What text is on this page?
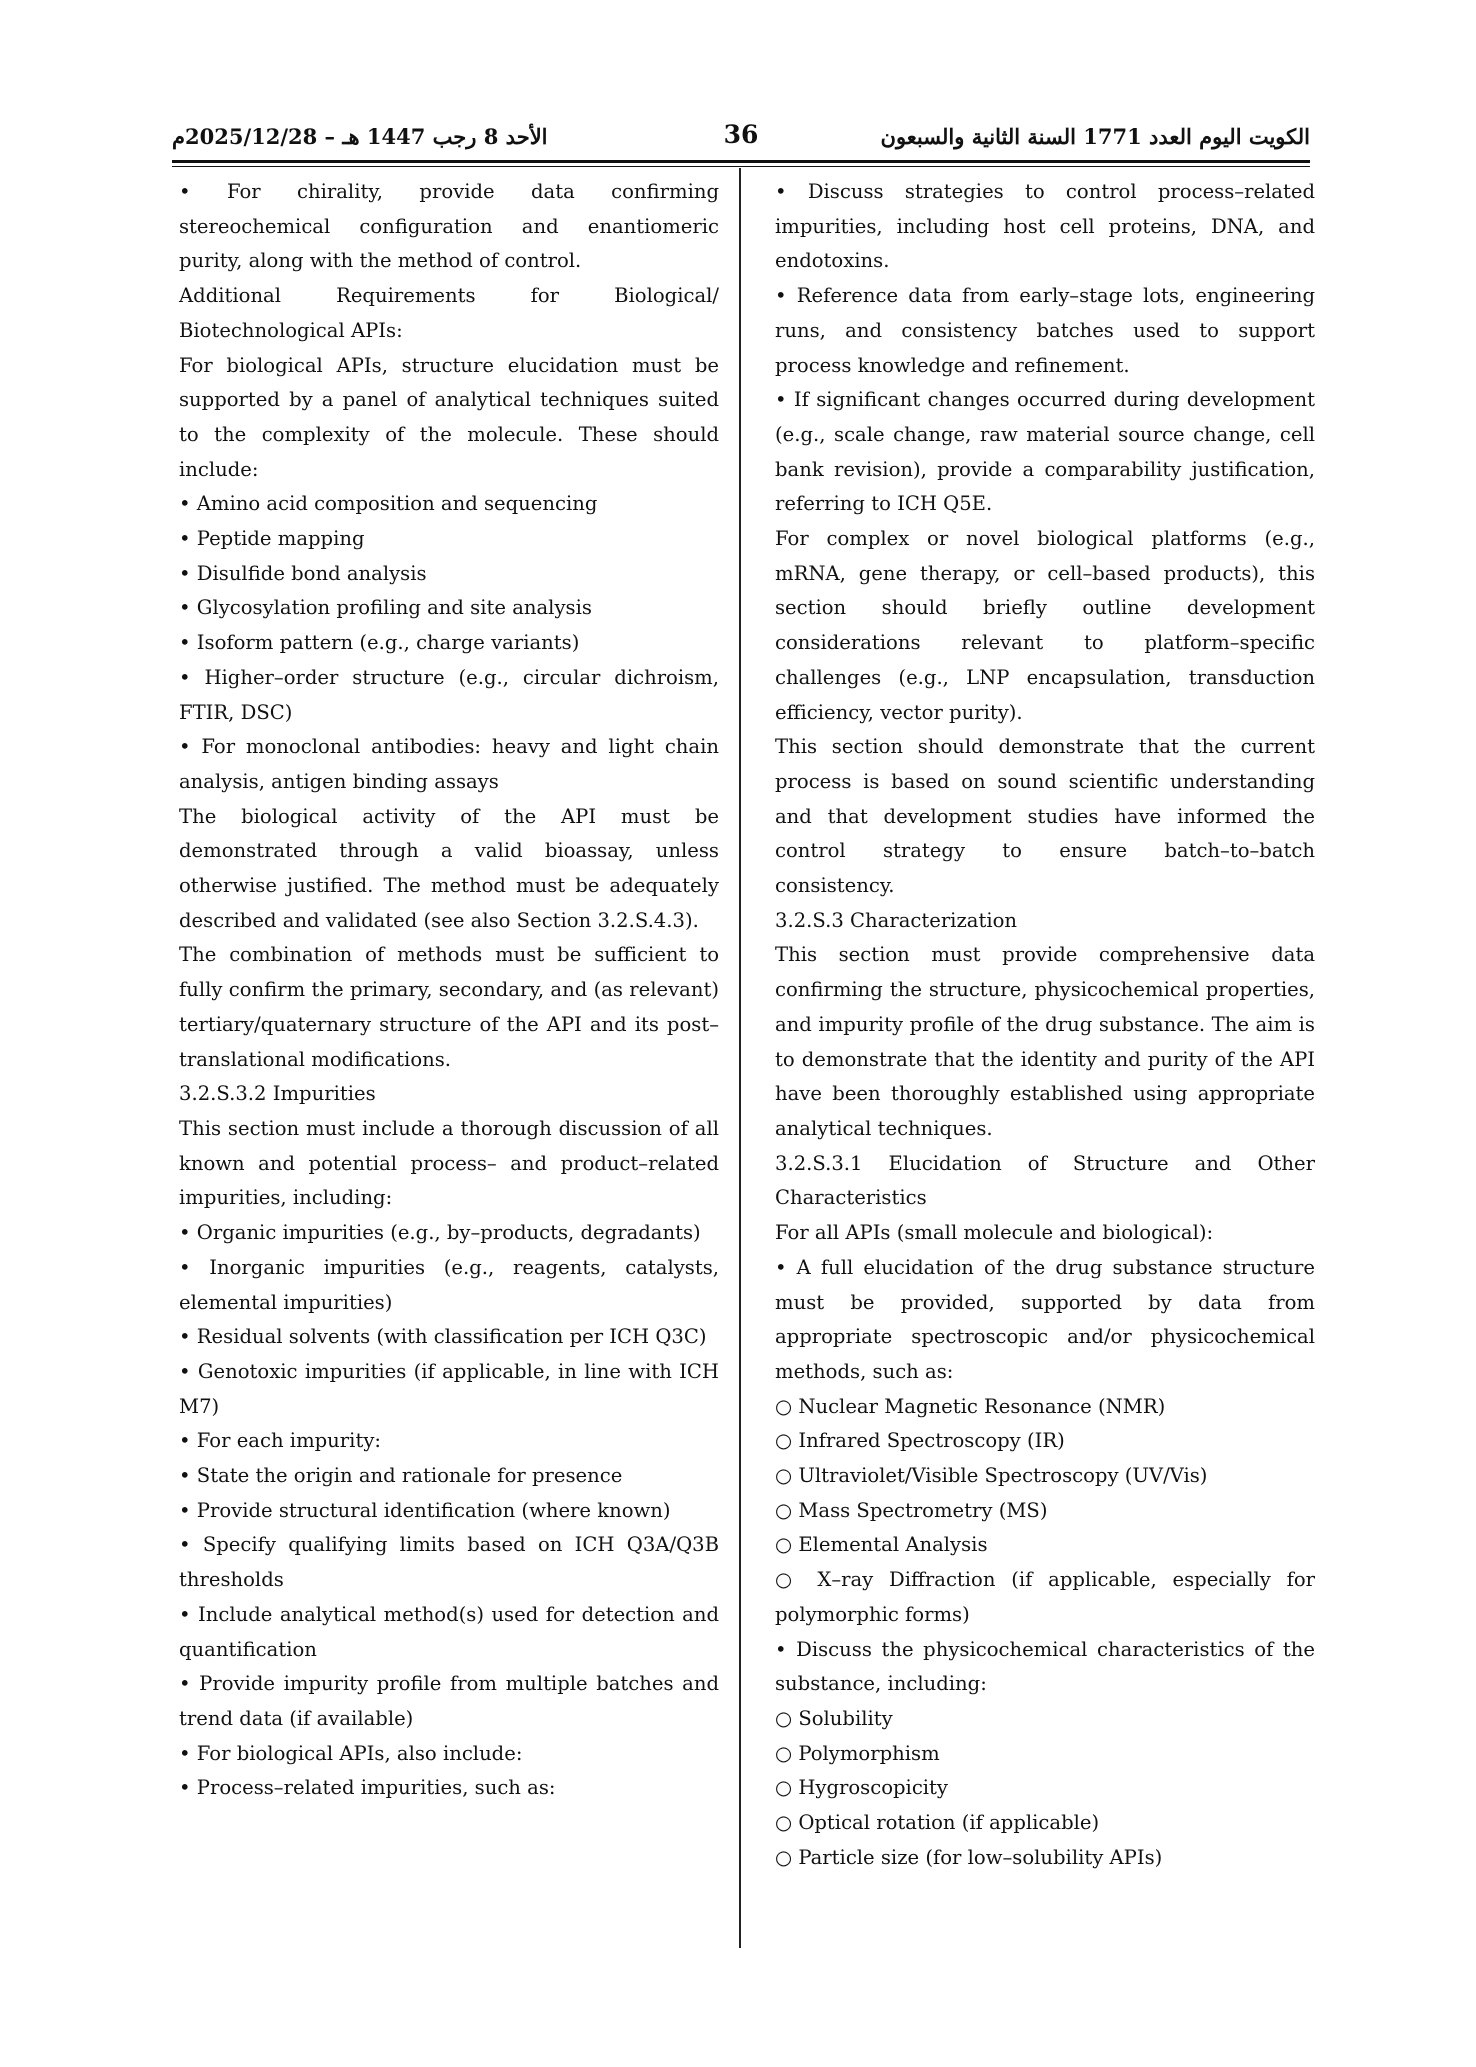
الكويت اليوم العدد 1771 السنة الثانية والسبعون
36
الأحد 8 رجب 1447 هـ – 2025/12/28م

• For chirality, provide data confirming stereochemical configuration and enantiomeric purity, along with the method of control.

Additional Requirements for Biological/ Biotechnological APIs:

For biological APIs, structure elucidation must be supported by a panel of analytical techniques suited to the complexity of the molecule. These should include:

• Amino acid composition and sequencing

• Peptide mapping

• Disulfide bond analysis

• Glycosylation profiling and site analysis

• Isoform pattern (e.g., charge variants)

• Higher–order structure (e.g., circular dichroism, FTIR, DSC)

• For monoclonal antibodies: heavy and light chain analysis, antigen binding assays

The biological activity of the API must be demonstrated through a valid bioassay, unless otherwise justified. The method must be adequately described and validated (see also Section 3.2.S.4.3).

The combination of methods must be sufficient to fully confirm the primary, secondary, and (as relevant) tertiary/quaternary structure of the API and its post–translational modifications.

3.2.S.3.2 Impurities

This section must include a thorough discussion of all known and potential process– and product–related impurities, including:

• Organic impurities (e.g., by–products, degradants)

• Inorganic impurities (e.g., reagents, catalysts, elemental impurities)

• Residual solvents (with classification per ICH Q3C)

• Genotoxic impurities (if applicable, in line with ICH M7)

• For each impurity:

• State the origin and rationale for presence

• Provide structural identification (where known)

• Specify qualifying limits based on ICH Q3A/Q3B thresholds

• Include analytical method(s) used for detection and quantification

• Provide impurity profile from multiple batches and trend data (if available)

• For biological APIs, also include:

• Process–related impurities, such as:

• Discuss strategies to control process–related impurities, including host cell proteins, DNA, and endotoxins.

• Reference data from early–stage lots, engineering runs, and consistency batches used to support process knowledge and refinement.

• If significant changes occurred during development (e.g., scale change, raw material source change, cell bank revision), provide a comparability justification, referring to ICH Q5E.

For complex or novel biological platforms (e.g., mRNA, gene therapy, or cell–based products), this section should briefly outline development considerations relevant to platform–specific challenges (e.g., LNP encapsulation, transduction efficiency, vector purity).

This section should demonstrate that the current process is based on sound scientific understanding and that development studies have informed the control strategy to ensure batch–to–batch consistency.

3.2.S.3 Characterization

This section must provide comprehensive data confirming the structure, physicochemical properties, and impurity profile of the drug substance. The aim is to demonstrate that the identity and purity of the API have been thoroughly established using appropriate analytical techniques.

3.2.S.3.1 Elucidation of Structure and Other Characteristics

For all APIs (small molecule and biological):

• A full elucidation of the drug substance structure must be provided, supported by data from appropriate spectroscopic and/or physicochemical methods, such as:

○ Nuclear Magnetic Resonance (NMR)

○ Infrared Spectroscopy (IR)

○ Ultraviolet/Visible Spectroscopy (UV/Vis)

○ Mass Spectrometry (MS)

○ Elemental Analysis

○ X–ray Diffraction (if applicable, especially for polymorphic forms)

• Discuss the physicochemical characteristics of the substance, including:

○ Solubility

○ Polymorphism

○ Hygroscopicity

○ Optical rotation (if applicable)

○ Particle size (for low–solubility APIs)
